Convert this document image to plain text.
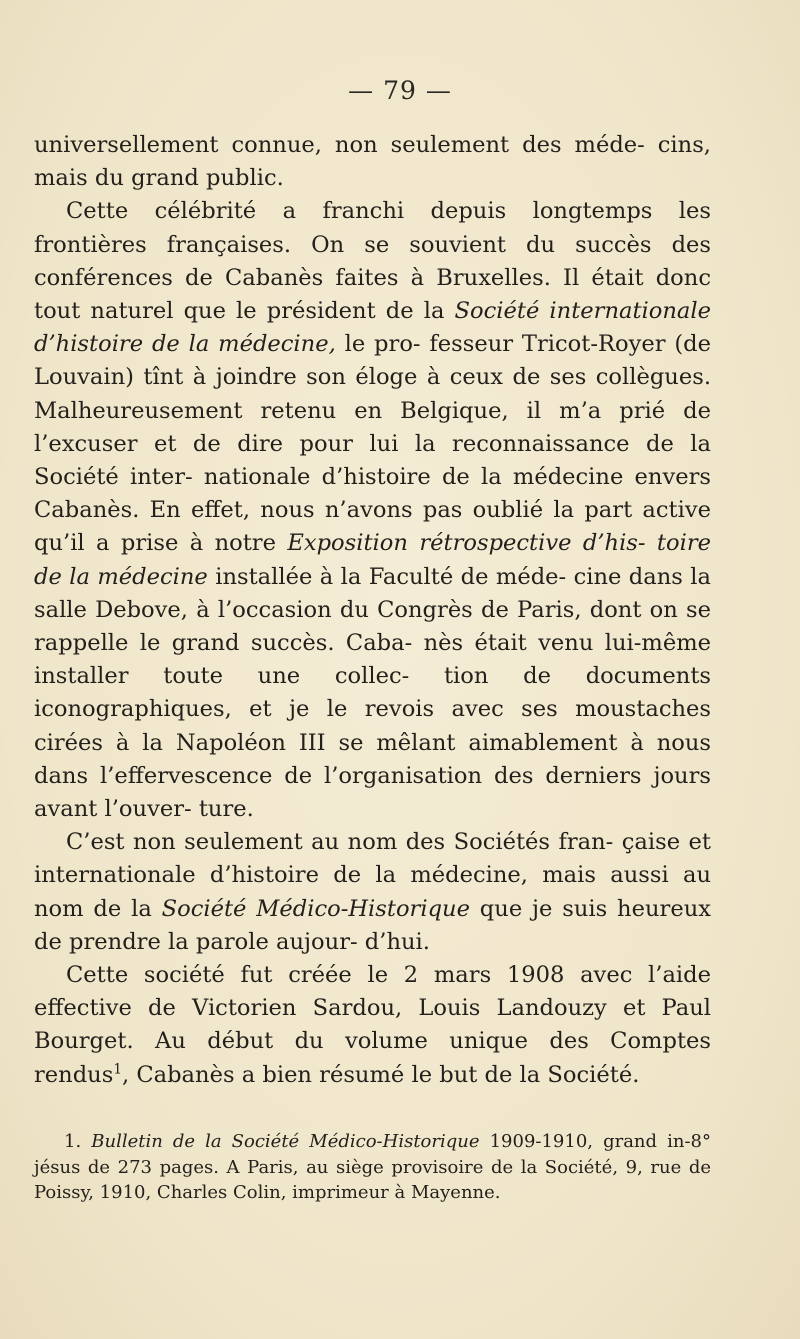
— 79 —

universellement connue, non seulement des méde- cins, mais du grand public.

Cette célébrité a franchi depuis longtemps les frontières françaises. On se souvient du succès des conférences de Cabanès faites à Bruxelles. Il était donc tout naturel que le président de la Société internationale d’histoire de la médecine, le pro- fesseur Tricot-Royer (de Louvain) tînt à joindre son éloge à ceux de ses collègues. Malheureusement retenu en Belgique, il m’a prié de l’excuser et de dire pour lui la reconnaissance de la Société inter- nationale d’histoire de la médecine envers Cabanès. En effet, nous n’avons pas oublié la part active qu’il a prise à notre Exposition rétrospective d’his- toire de la médecine installée à la Faculté de méde- cine dans la salle Debove, à l’occasion du Congrès de Paris, dont on se rappelle le grand succès. Caba- nès était venu lui-même installer toute une collec- tion de documents iconographiques, et je le revois avec ses moustaches cirées à la Napoléon III se mêlant aimablement à nous dans l’effervescence de l’organisation des derniers jours avant l’ouver- ture.

C’est non seulement au nom des Sociétés fran- çaise et internationale d’histoire de la médecine, mais aussi au nom de la Société Médico-Historique que je suis heureux de prendre la parole aujour- d’hui.

Cette société fut créée le 2 mars 1908 avec l’aide effective de Victorien Sardou, Louis Landouzy et Paul Bourget. Au début du volume unique des Comptes rendus$^1$, Cabanès a bien résumé le but de la Société.

1. Bulletin de la Société Médico-Historique 1909-1910, grand in-8° jésus de 273 pages. A Paris, au siège provisoire de la Société, 9, rue de Poissy, 1910, Charles Colin, imprimeur à Mayenne.
